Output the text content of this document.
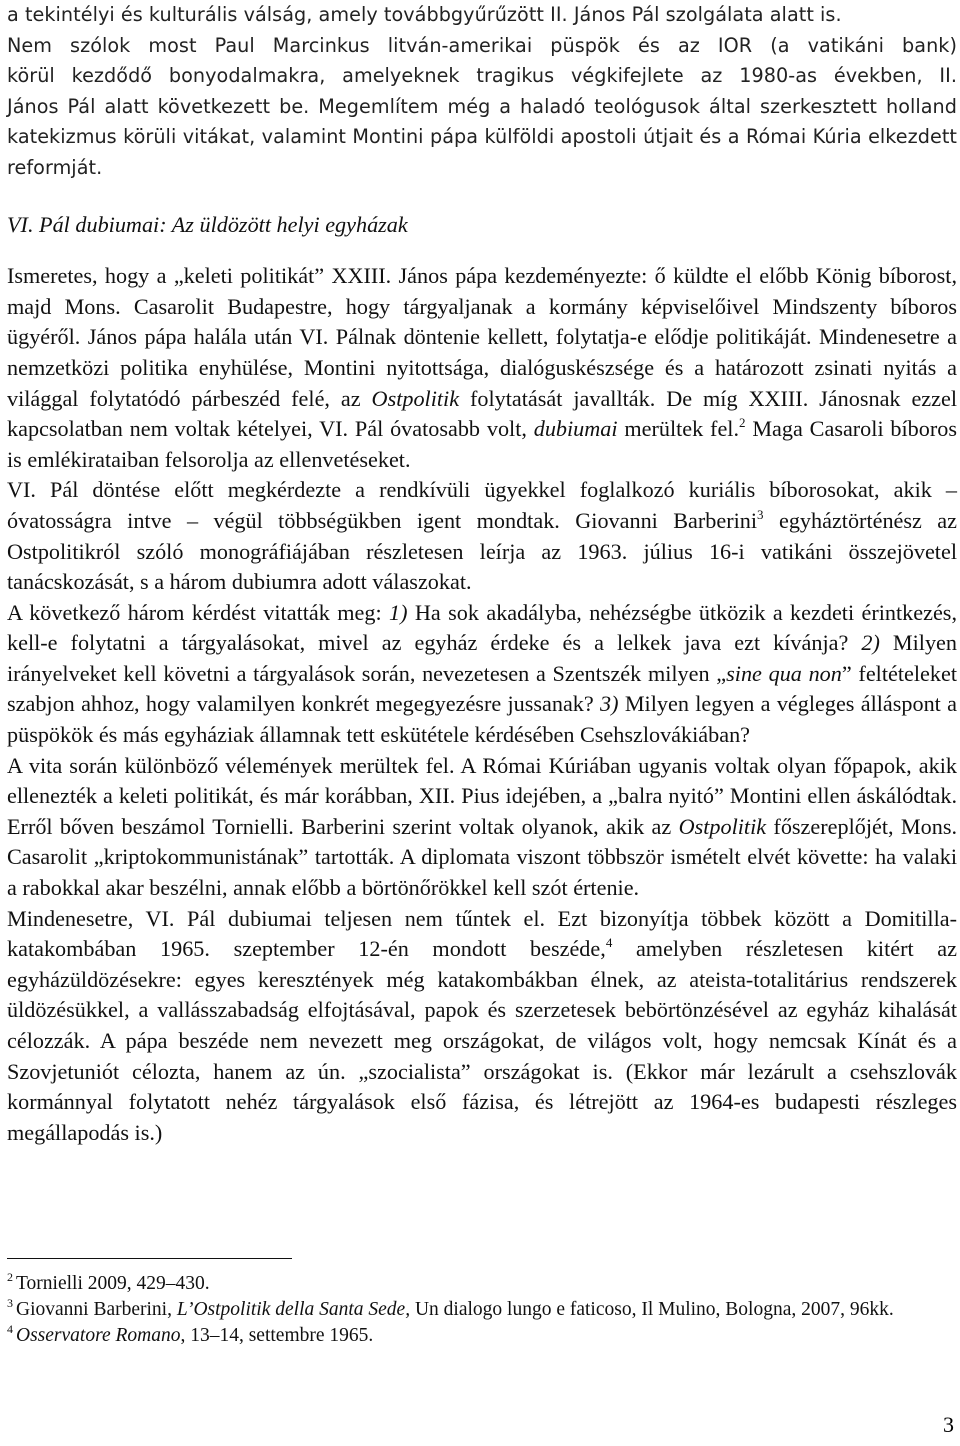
a tekintélyi és kulturális válság, amely továbbgyűrűzött II. János Pál szolgálata alatt is.

Nem szólok most Paul Marcinkus litván-amerikai püspök és az IOR (a vatikáni bank)

körül kezdődő bonyodalmakra, amelyeknek tragikus végkifejlete az 1980-as években, II.

János Pál alatt következett be. Megemlítem még a haladó teológusok által szerkesztett holland katekizmus körüli vitákat, valamint Montini pápa külföldi apostoli útjait és a Római Kúria elkezdett reformját.

VI. Pál dubiumai: Az üldözött helyi egyházak

Ismeretes, hogy a „keleti politikát” XXIII. János pápa kezdeményezte: ő küldte el előbb König bíborost, majd Mons. Casarolit Budapestre, hogy tárgyaljanak a kormány képviselőivel Mindszenty bíboros ügyéről. János pápa halála után VI. Pálnak döntenie kellett, folytatja-e elődje politikáját. Mindenesetre a nemzetközi politika enyhülése, Montini nyitottsága, dialóguskészsége és a határozott zsinati nyitás a világgal folytatódó párbeszéd felé, az Ostpolitik folytatását javallták. De míg XXIII. Jánosnak ezzel kapcsolatban nem voltak kételyei, VI. Pál óvatosabb volt, dubiumai merültek fel.$^2$ Maga Casaroli bíboros is emlékirataiban felsorolja az ellenvetéseket.

VI. Pál döntése előtt megkérdezte a rendkívüli ügyekkel foglalkozó kuriális bíborosokat, akik – óvatosságra intve – végül többségükben igent mondtak. Giovanni Barberini$^3$ egyháztörténész az Ostpolitikról szóló monográfiájában részletesen leírja az 1963. július 16-i vatikáni összejövetel tanácskozását, s a három dubiumra adott válaszokat.

A következő három kérdést vitatták meg: 1) Ha sok akadályba, nehézségbe ütközik a kezdeti érintkezés, kell-e folytatni a tárgyalásokat, mivel az egyház érdeke és a lelkek java ezt kívánja? 2) Milyen irányelveket kell követni a tárgyalások során, nevezetesen a Szentszék milyen „sine qua non” feltételeket szabjon ahhoz, hogy valamilyen konkrét megegyezésre jussanak? 3) Milyen legyen a végleges álláspont a püspökök és más egyháziak államnak tett eskütétele kérdésében Csehszlovákiában?

A vita során különböző vélemények merültek fel. A Római Kúriában ugyanis voltak olyan főpapok, akik ellenezték a keleti politikát, és már korábban, XII. Pius idejében, a „balra nyitó” Montini ellen áskálódtak. Erről bőven beszámol Tornielli. Barberini szerint voltak olyanok, akik az Ostpolitik főszereplőjét, Mons. Casarolit „kriptokommunistának” tartották. A diplomata viszont többször ismételt elvét követte: ha valaki a rabokkal akar beszélni, annak előbb a börtönőrökkel kell szót értenie.

Mindenesetre, VI. Pál dubiumai teljesen nem tűntek el. Ezt bizonyítja többek között a Domitilla-katakombában 1965. szeptember 12-én mondott beszéde,$^4$ amelyben részletesen kitért az egyházüldözésekre: egyes keresztények még katakombákban élnek, az ateista-totalitárius rendszerek üldözésükkel, a vallásszabadság elfojtásával, papok és szerzetesek bebörtönzésével az egyház kihalását célozzák. A pápa beszéde nem nevezett meg országokat, de világos volt, hogy nemcsak Kínát és a Szovjetuniót célozta, hanem az ún. „szocialista” országokat is. (Ekkor már lezárult a csehszlovák kormánnyal folytatott nehéz tárgyalások első fázisa, és létrejött az 1964-es budapesti részleges megállapodás is.)

$^2$ Tornielli 2009, 429–430.

$^3$ Giovanni Barberini, L’Ostpolitik della Santa Sede, Un dialogo lungo e faticoso, Il Mulino, Bologna, 2007, 96kk.

$^4$ Osservatore Romano, 13–14, settembre 1965.

3
